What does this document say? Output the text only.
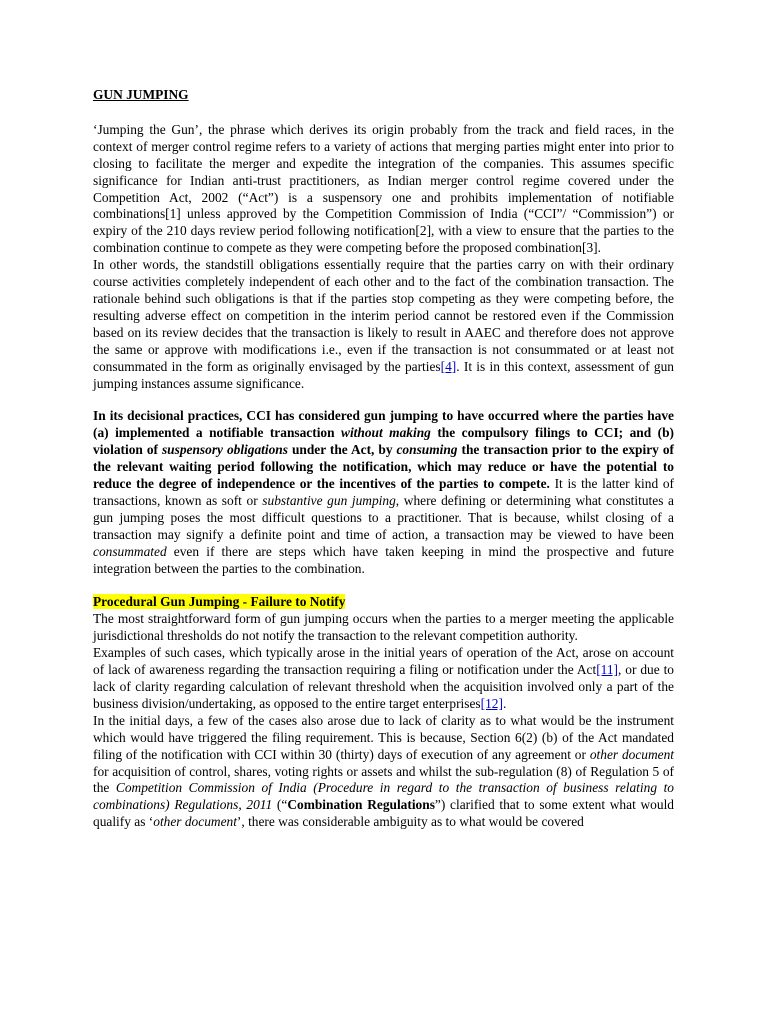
GUN JUMPING

‘Jumping the Gun’, the phrase which derives its origin probably from the track and field races, in the context of merger control regime refers to a variety of actions that merging parties might enter into prior to closing to facilitate the merger and expedite the integration of the companies. This assumes specific significance for Indian anti-trust practitioners, as Indian merger control regime covered under the Competition Act, 2002 (“Act”) is a suspensory one and prohibits implementation of notifiable combinations[1] unless approved by the Competition Commission of India (“CCI”/ “Commission”) or expiry of the 210 days review period following notification[2], with a view to ensure that the parties to the combination continue to compete as they were competing before the proposed combination[3].

In other words, the standstill obligations essentially require that the parties carry on with their ordinary course activities completely independent of each other and to the fact of the combination transaction. The rationale behind such obligations is that if the parties stop competing as they were competing before, the resulting adverse effect on competition in the interim period cannot be restored even if the Commission based on its review decides that the transaction is likely to result in AAEC and therefore does not approve the same or approve with modifications i.e., even if the transaction is not consummated or at least not consummated in the form as originally envisaged by the parties[4]. It is in this context, assessment of gun jumping instances assume significance.

In its decisional practices, CCI has considered gun jumping to have occurred where the parties have (a) implemented a notifiable transaction without making the compulsory filings to CCI; and (b) violation of suspensory obligations under the Act, by consuming the transaction prior to the expiry of the relevant waiting period following the notification, which may reduce or have the potential to reduce the degree of independence or the incentives of the parties to compete. It is the latter kind of transactions, known as soft or substantive gun jumping, where defining or determining what constitutes a gun jumping poses the most difficult questions to a practitioner. That is because, whilst closing of a transaction may signify a definite point and time of action, a transaction may be viewed to have been consummated even if there are steps which have taken keeping in mind the prospective and future integration between the parties to the combination.

Procedural Gun Jumping - Failure to Notify

The most straightforward form of gun jumping occurs when the parties to a merger meeting the applicable jurisdictional thresholds do not notify the transaction to the relevant competition authority.

Examples of such cases, which typically arose in the initial years of operation of the Act, arose on account of lack of awareness regarding the transaction requiring a filing or notification under the Act[11], or due to lack of clarity regarding calculation of relevant threshold when the acquisition involved only a part of the business division/undertaking, as opposed to the entire target enterprises[12].

In the initial days, a few of the cases also arose due to lack of clarity as to what would be the instrument which would have triggered the filing requirement. This is because, Section 6(2) (b) of the Act mandated filing of the notification with CCI within 30 (thirty) days of execution of any agreement or other document for acquisition of control, shares, voting rights or assets and whilst the sub-regulation (8) of Regulation 5 of the Competition Commission of India (Procedure in regard to the transaction of business relating to combinations) Regulations, 2011 (“Combination Regulations”) clarified that to some extent what would qualify as ‘other document’, there was considerable ambiguity as to what would be covered
